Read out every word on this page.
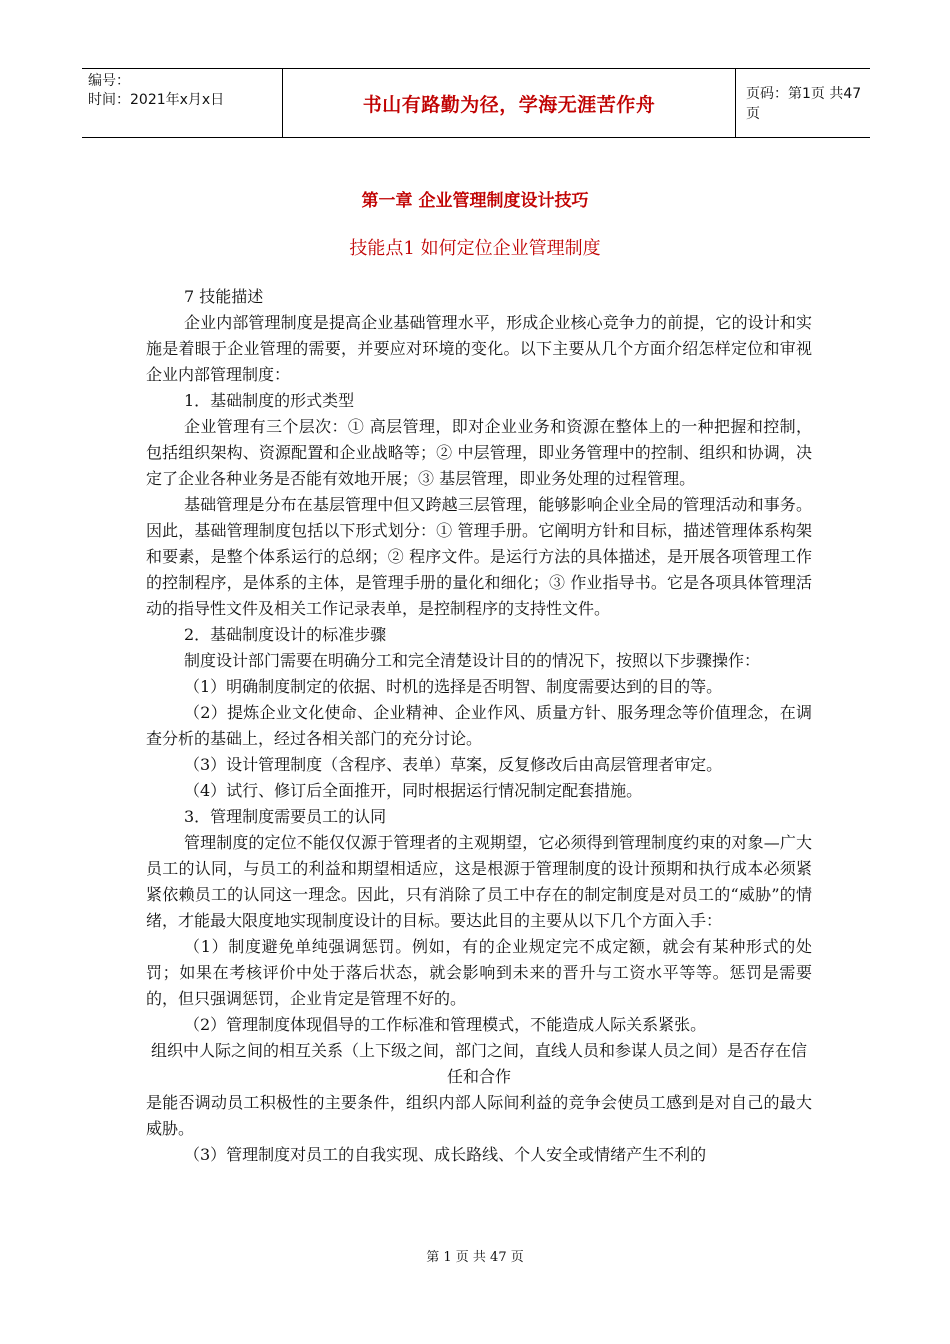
编号：
时间：2021年x月x日	书山有路勤为径，学海无涯苦作舟	页码：第1页 共47页
第一章 企业管理制度设计技巧
技能点1 如何定位企业管理制度

7 技能描述

企业内部管理制度是提高企业基础管理水平，形成企业核心竞争力的前提，它的设计和实施是着眼于企业管理的需要，并要应对环境的变化。以下主要从几个方面介绍怎样定位和审视企业内部管理制度：

1．基础制度的形式类型

企业管理有三个层次：① 高层管理，即对企业业务和资源在整体上的一种把握和控制，包括组织架构、资源配置和企业战略等；② 中层管理，即业务管理中的控制、组织和协调，决定了企业各种业务是否能有效地开展；③ 基层管理，即业务处理的过程管理。

基础管理是分布在基层管理中但又跨越三层管理，能够影响企业全局的管理活动和事务。因此，基础管理制度包括以下形式划分：① 管理手册。它阐明方针和目标，描述管理体系构架和要素，是整个体系运行的总纲；② 程序文件。是运行方法的具体描述，是开展各项管理工作的控制程序，是体系的主体，是管理手册的量化和细化；③ 作业指导书。它是各项具体管理活动的指导性文件及相关工作记录表单，是控制程序的支持性文件。

2．基础制度设计的标准步骤

制度设计部门需要在明确分工和完全清楚设计目的的情况下，按照以下步骤操作：

（1）明确制度制定的依据、时机的选择是否明智、制度需要达到的目的等。

（2）提炼企业文化使命、企业精神、企业作风、质量方针、服务理念等价值理念，在调查分析的基础上，经过各相关部门的充分讨论。

（3）设计管理制度（含程序、表单）草案，反复修改后由高层管理者审定。

（4）试行、修订后全面推开，同时根据运行情况制定配套措施。

3．管理制度需要员工的认同

管理制度的定位不能仅仅源于管理者的主观期望，它必须得到管理制度约束的对象—广大员工的认同，与员工的利益和期望相适应，这是根源于管理制度的设计预期和执行成本必须紧紧依赖员工的认同这一理念。因此，只有消除了员工中存在的制定制度是对员工的“威胁”的情绪，才能最大限度地实现制度设计的目标。要达此目的主要从以下几个方面入手：

（1）制度避免单纯强调惩罚。例如，有的企业规定完不成定额，就会有某种形式的处罚；如果在考核评价中处于落后状态，就会影响到未来的晋升与工资水平等等。惩罚是需要的，但只强调惩罚，企业肯定是管理不好的。

（2）管理制度体现倡导的工作标准和管理模式，不能造成人际关系紧张。

组织中人际之间的相互关系（上下级之间，部门之间，直线人员和参谋人员之间）是否存在信任和合作

是能否调动员工积极性的主要条件，组织内部人际间利益的竞争会使员工感到是对自己的最大威胁。

（3）管理制度对员工的自我实现、成长路线、个人安全或情绪产生不利的

第 1 页 共 47 页
